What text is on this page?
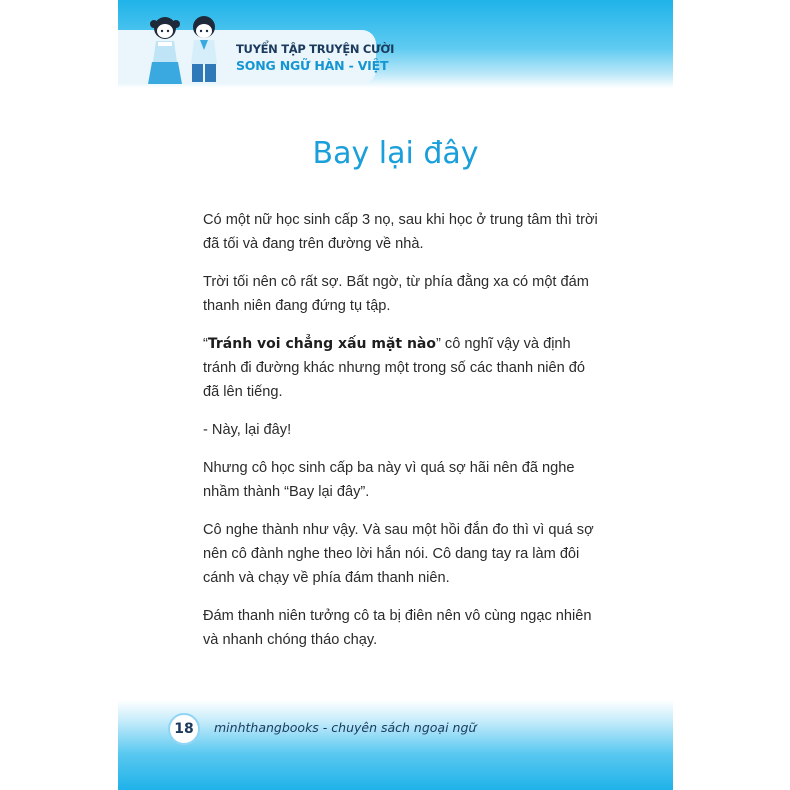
TUYỂN TẬP TRUYỆN CƯỜI
SONG NGỮ HÀN - VIỆT
Bay lại đây

Có một nữ học sinh cấp 3 nọ, sau khi học ở trung tâm thì trời đã tối và đang trên đường về nhà.

Trời tối nên cô rất sợ. Bất ngờ, từ phía đằng xa có một đám thanh niên đang đứng tụ tập.

“Tránh voi chẳng xấu mặt nào” cô nghĩ vậy và định tránh đi đường khác nhưng một trong số các thanh niên đó đã lên tiếng.

- Này, lại đây!

Nhưng cô học sinh cấp ba này vì quá sợ hãi nên đã nghe nhầm thành “Bay lại đây”.

Cô nghe thành như vậy. Và sau một hồi đắn đo thì vì quá sợ nên cô đành nghe theo lời hắn nói. Cô dang tay ra làm đôi cánh và chạy về phía đám thanh niên.

Đám thanh niên tưởng cô ta bị điên nên vô cùng ngạc nhiên và nhanh chóng tháo chạy.

18	minhthangbooks - chuyên sách ngoại ngữ
